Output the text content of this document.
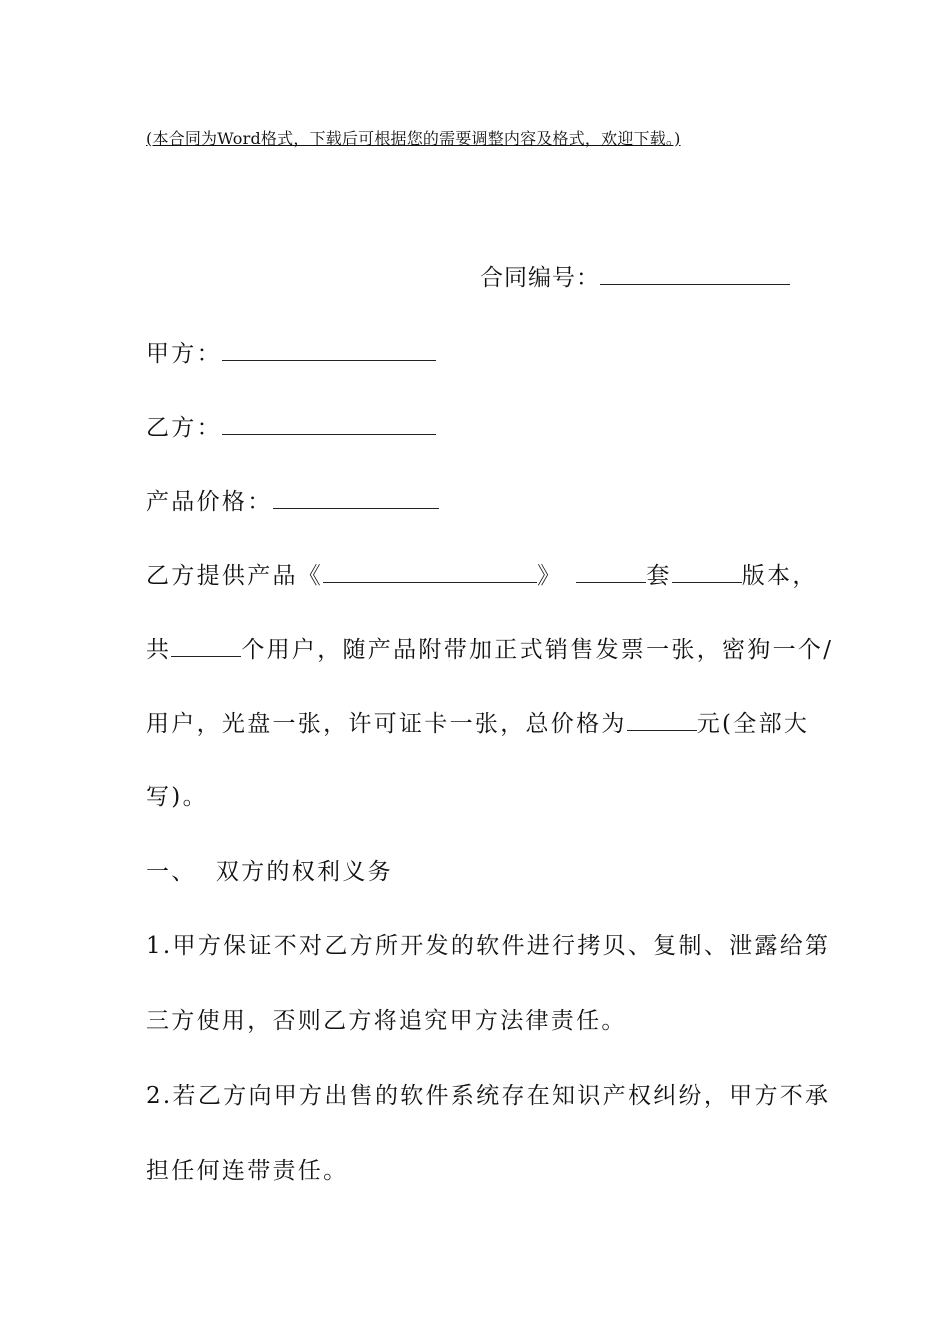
(本合同为Word格式，下载后可根据您的需要调整内容及格式，欢迎下载。)
合同编号：
甲方：
乙方：
产品价格：
乙方提供产品《	》	套	版本，
共	个用户，随产品附带加正式销售发票一张，密狗一个/
用户，光盘一张，许可证卡一张，总价格为	元(全部大
写)。
一、  双方的权利义务
1.甲方保证不对乙方所开发的软件进行拷贝、复制、泄露给第
三方使用，否则乙方将追究甲方法律责任。
2.若乙方向甲方出售的软件系统存在知识产权纠纷，甲方不承
担任何连带责任。
